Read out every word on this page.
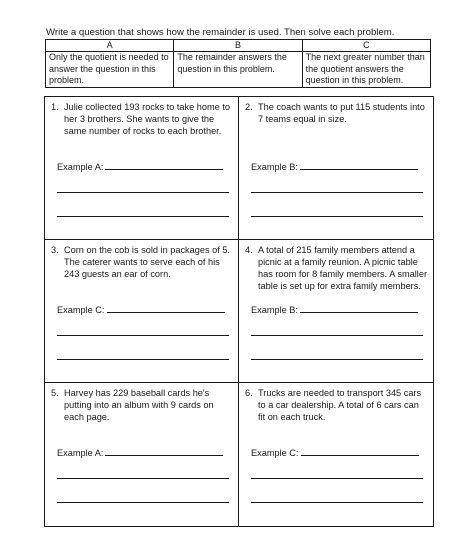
Write a question that shows how the remainder is used. Then solve each problem.
A	B	C
Only the quotient is needed to answer the question in this problem.	The remainder answers the question in this problem.	The next greater number than the quotient answers the question in this problem.
1. Julie collected 193 rocks to take home to her 3 brothers. She wants to give the same number of rocks to each brother.
Example A:
2. The coach wants to put 115 students into 7 teams equal in size.
Example B:
3. Corn on the cob is sold in packages of 5. The caterer wants to serve each of his 243 guests an ear of corn.
Example C:
4. A total of 215 family members attend a picnic at a family reunion. A picnic table has room for 8 family members. A smaller table is set up for extra family members.
Example B:
5. Harvey has 229 baseball cards he's putting into an album with 9 cards on each page.
Example A:
6. Trucks are needed to transport 345 cars to a car dealership. A total of 6 cars can fit on each truck.
Example C:
